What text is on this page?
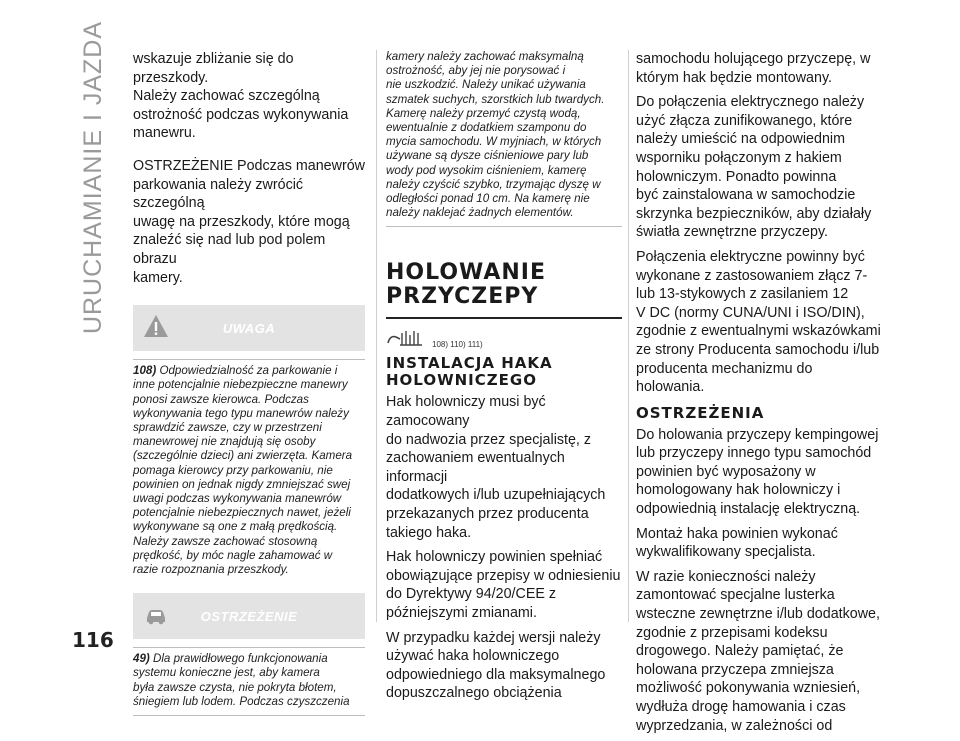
URUCHAMIANIE I JAZDA
116

wskazuje zbliżanie się do przeszkody.
Należy zachować szczególną
ostrożność podczas wykonywania
manewru.

OSTRZEŻENIE Podczas manewrów
parkowania należy zwrócić szczególną
uwagę na przeszkody, które mogą
znaleźć się nad lub pod polem obrazu
kamery.

UWAGA

108) Odpowiedzialność za parkowanie i
inne potencjalnie niebezpieczne manewry
ponosi zawsze kierowca. Podczas
wykonywania tego typu manewrów należy
sprawdzić zawsze, czy w przestrzeni
manewrowej nie znajdują się osoby
(szczególnie dzieci) ani zwierzęta. Kamera
pomaga kierowcy przy parkowaniu, nie
powinien on jednak nigdy zmniejszać swej
uwagi podczas wykonywania manewrów
potencjalnie niebezpiecznych nawet, jeżeli
wykonywane są one z małą prędkością.
Należy zawsze zachować stosowną
prędkość, by móc nagle zahamować w
razie rozpoznania przeszkody.

OSTRZEŻENIE

49) Dla prawidłowego funkcjonowania
systemu konieczne jest, aby kamera
była zawsze czysta, nie pokryta błotem,
śniegiem lub lodem. Podczas czyszczenia

kamery należy zachować maksymalną
ostrożność, aby jej nie porysować i
nie uszkodzić. Należy unikać używania
szmatek suchych, szorstkich lub twardych.
Kamerę należy przemyć czystą wodą,
ewentualnie z dodatkiem szamponu do
mycia samochodu. W myjniach, w których
używane są dysze ciśnieniowe pary lub
wody pod wysokim ciśnieniem, kamerę
należy czyścić szybko, trzymając dyszę w
odległości ponad 10 cm. Na kamerę nie
należy naklejać żadnych elementów.

HOLOWANIE
PRZYCZEPY
108) 110) 111)
INSTALACJA HAKA
HOLOWNICZEGO

Hak holowniczy musi być zamocowany
do nadwozia przez specjalistę, z
zachowaniem ewentualnych informacji
dodatkowych i/lub uzupełniających
przekazanych przez producenta
takiego haka.

Hak holowniczy powinien spełniać
obowiązujące przepisy w odniesieniu
do Dyrektywy 94/20/CEE z
późniejszymi zmianami.

W przypadku każdej wersji należy
używać haka holowniczego
odpowiedniego dla maksymalnego
dopuszczalnego obciążenia

samochodu holującego przyczepę, w
którym hak będzie montowany.

Do połączenia elektrycznego należy
użyć złącza zunifikowanego, które
należy umieścić na odpowiednim
wsporniku połączonym z hakiem
holowniczym. Ponadto powinna
być zainstalowana w samochodzie
skrzynka bezpieczników, aby działały
światła zewnętrzne przyczepy.

Połączenia elektryczne powinny być
wykonane z zastosowaniem złącz 7-
lub 13-stykowych z zasilaniem 12
V DC (normy CUNA/UNI i ISO/DIN),
zgodnie z ewentualnymi wskazówkami
ze strony Producenta samochodu i/lub
producenta mechanizmu do holowania.

OSTRZEŻENIA

Do holowania przyczepy kempingowej
lub przyczepy innego typu samochód
powinien być wyposażony w
homologowany hak holowniczy i
odpowiednią instalację elektryczną.

Montaż haka powinien wykonać
wykwalifikowany specjalista.

W razie konieczności należy
zamontować specjalne lusterka
wsteczne zewnętrzne i/lub dodatkowe,
zgodnie z przepisami kodeksu
drogowego. Należy pamiętać, że
holowana przyczepa zmniejsza
możliwość pokonywania wzniesień,
wydłuża drogę hamowania i czas
wyprzedzania, w zależności od
